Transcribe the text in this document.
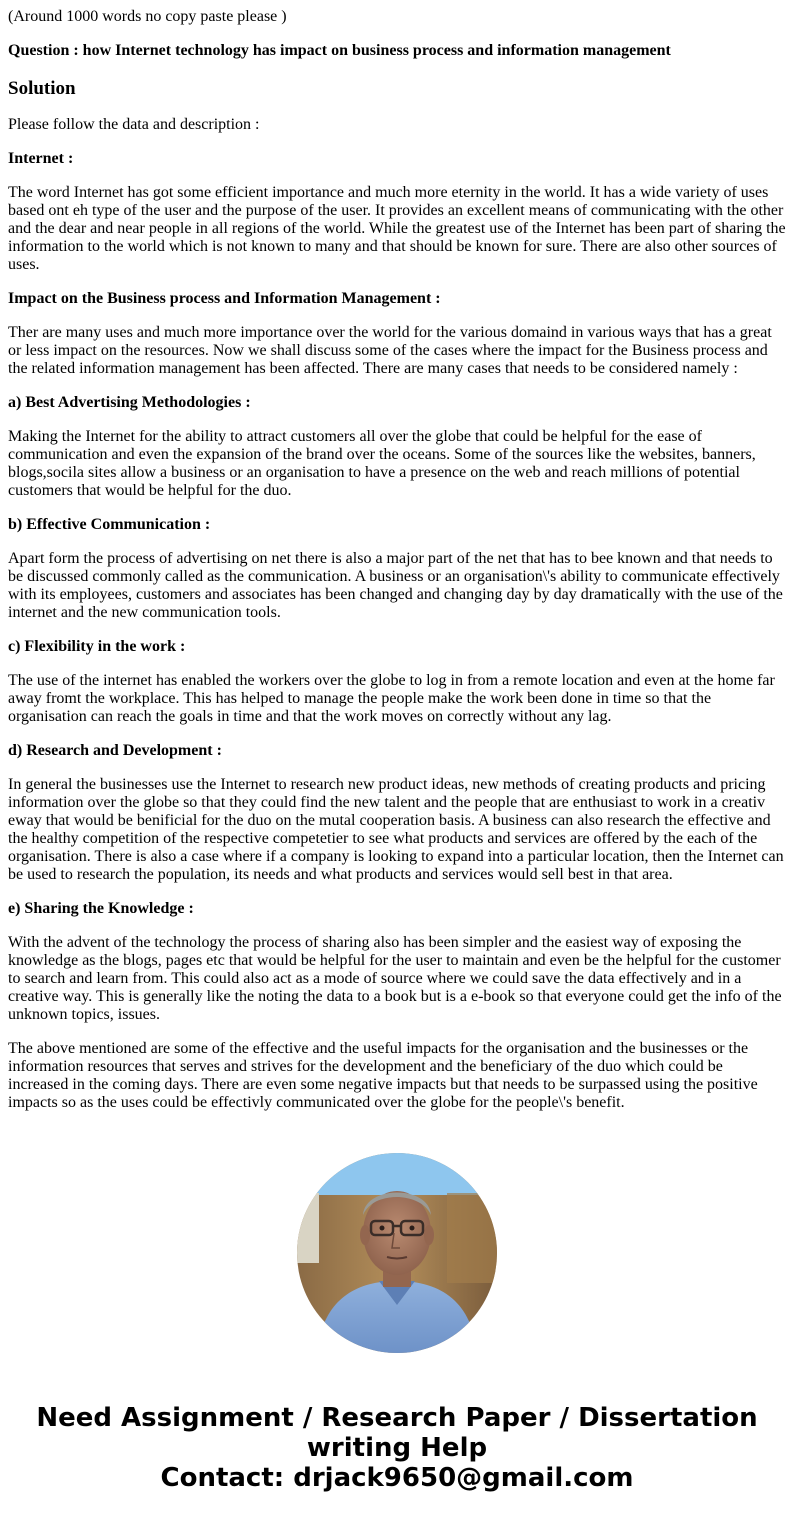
(Around 1000 words no copy paste please )
Question : how Internet technology has impact on business process and information management
Solution
Please follow the data and description :
Internet :
The word Internet has got some efficient importance and much more eternity in the world. It has a wide variety of uses based ont eh type of the user and the purpose of the user. It provides an excellent means of communicating with the other and the dear and near people in all regions of the world. While the greatest use of the Internet has been part of sharing the information to the world which is not known to many and that should be known for sure. There are also other sources of uses.
Impact on the Business process and Information Management :
Ther are many uses and much more importance over the world for the various domaind in various ways that has a great or less impact on the resources. Now we shall discuss some of the cases where the impact for the Business process and the related information management has been affected. There are many cases that needs to be considered namely :
a) Best Advertising Methodologies :
Making the Internet for the ability to attract customers all over the globe that could be helpful for the ease of communication and even the expansion of the brand over the oceans. Some of the sources like the websites, banners, blogs,socila sites allow a business or an organisation to have a presence on the web and reach millions of potential customers that would be helpful for the duo.
b) Effective Communication :
Apart form the process of advertising on net there is also a major part of the net that has to bee known and that needs to be discussed commonly called as the communication. A business or an organisation\'s ability to communicate effectively with its employees, customers and associates has been changed and changing day by day dramatically with the use of the internet and the new communication tools.
c) Flexibility in the work :
The use of the internet has enabled the workers over the globe to log in from a remote location and even at the home far away fromt the workplace. This has helped to manage the people make the work been done in time so that the organisation can reach the goals in time and that the work moves on correctly without any lag.
d) Research and Development :
In general the businesses use the Internet to research new product ideas, new methods of creating products and pricing information over the globe so that they could find the new talent and the people that are enthusiast to work in a creativ eway that would be benificial for the duo on the mutal cooperation basis. A business can also research the effective and the healthy competition of the respective competetier to see what products and services are offered by the each of the organisation. There is also a case where if a company is looking to expand into a particular location, then the Internet can be used to research the population, its needs and what products and services would sell best in that area.
e) Sharing the Knowledge :
With the advent of the technology the process of sharing also has been simpler and the easiest way of exposing the knowledge as the blogs, pages etc that would be helpful for the user to maintain and even be the helpful for the customer to search and learn from. This could also act as a mode of source where we could save the data effectively and in a creative way. This is generally like the noting the data to a book but is a e-book so that everyone could get the info of the unknown topics, issues.
The above mentioned are some of the effective and the useful impacts for the organisation and the businesses or the information resources that serves and strives for the development and the beneficiary of the duo which could be increased in the coming days. There are even some negative impacts but that needs to be surpassed using the positive impacts so as the uses could be effectivly communicated over the globe for the people\'s benefit.
Need Assignment / Research Paper / Dissertation
writing Help
Contact: drjack9650@gmail.com
